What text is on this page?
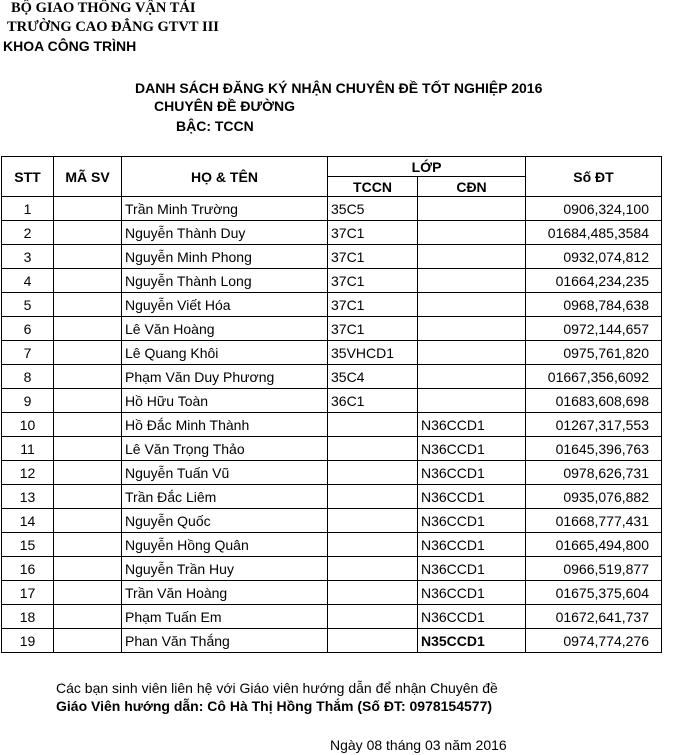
BỘ GIAO THÔNG VẬN TẢI
TRƯỜNG CAO ĐẲNG GTVT III
KHOA CÔNG TRÌNH
DANH SÁCH ĐĂNG KÝ NHẬN CHUYÊN ĐỀ TỐT NGHIỆP 2016
CHUYÊN ĐỀ ĐƯỜNG
BẬC: TCCN
STT	MÃ SV	HỌ & TÊN	LỚP		Số ĐT
			TCCN	CĐN	
1		Trần Minh Trường	35C5		0906,324,100
2		Nguyễn Thành Duy	37C1		01684,485,3584
3		Nguyễn Minh Phong	37C1		0932,074,812
4		Nguyễn Thành Long	37C1		01664,234,235
5		Nguyễn Viết Hóa	37C1		0968,784,638
6		Lê Văn Hoàng	37C1		0972,144,657
7		Lê Quang Khôi	35VHCD1		0975,761,820
8		Phạm Văn Duy Phương	35C4		01667,356,6092
9		Hồ Hữu Toàn	36C1		01683,608,698
10		Hồ Đắc Minh Thành		N36CCD1	01267,317,553
11		Lê Văn Trọng Thảo		N36CCD1	01645,396,763
12		Nguyễn Tuấn Vũ		N36CCD1	0978,626,731
13		Trần Đắc Liêm		N36CCD1	0935,076,882
14		Nguyễn Quốc		N36CCD1	01668,777,431
15		Nguyễn Hồng Quân		N36CCD1	01665,494,800
16		Nguyễn Trần Huy		N36CCD1	0966,519,877
17		Trần Văn Hoàng		N36CCD1	01675,375,604
18		Phạm Tuấn Em		N36CCD1	01672,641,737
19		Phan Văn Thắng		N35CCD1	0974,774,276
Các bạn sinh viên liên hệ với Giáo viên hướng dẫn để nhận Chuyên đề
Giáo Viên hướng dẫn: Cô Hà Thị Hồng Thắm (Số ĐT: 0978154577)
Ngày 08 tháng 03 năm 2016
